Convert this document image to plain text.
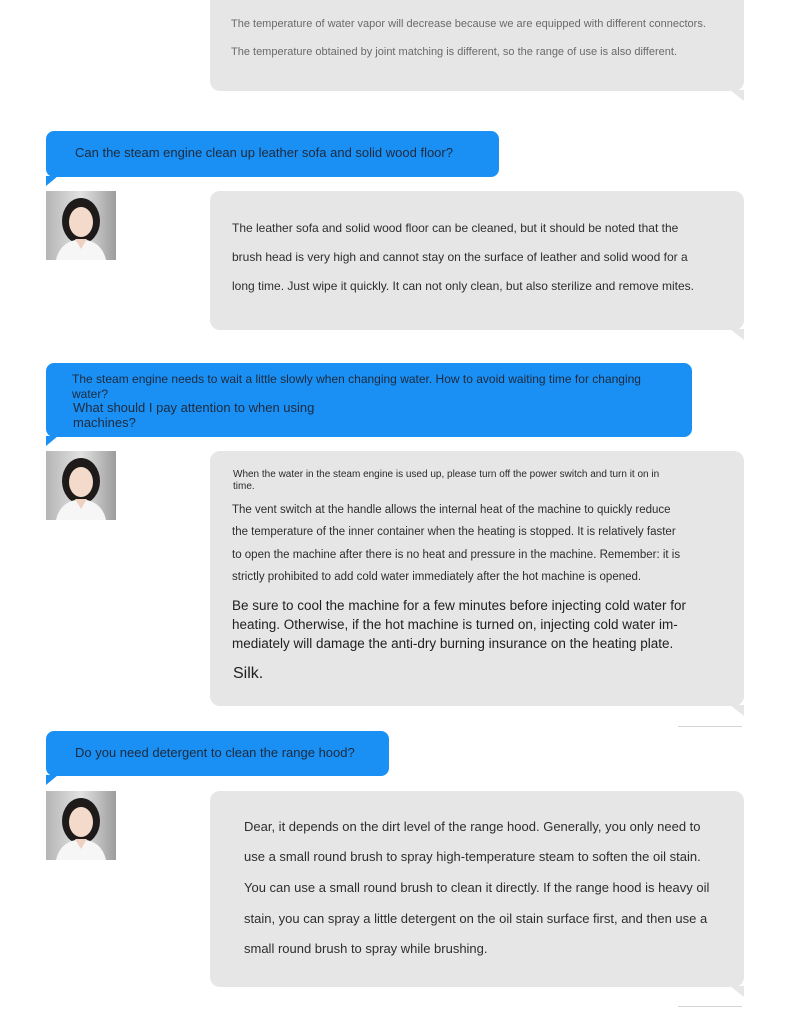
The temperature of water vapor will decrease because we are equipped with different connectors.
The temperature obtained by joint matching is different, so the range of use is also different.
Can the steam engine clean up leather sofa and solid wood floor?
The leather sofa and solid wood floor can be cleaned, but it should be noted that the
brush head is very high and cannot stay on the surface of leather and solid wood for a
long time. Just wipe it quickly. It can not only clean, but also sterilize and remove mites.
The steam engine needs to wait a little slowly when changing water. How to avoid waiting time for changing
water?
What should I pay attention to when using
machines?
When the water in the steam engine is used up, please turn off the power switch and turn it on in
time.
The vent switch at the handle allows the internal heat of the machine to quickly reduce
the temperature of the inner container when the heating is stopped. It is relatively faster
to open the machine after there is no heat and pressure in the machine. Remember: it is
strictly prohibited to add cold water immediately after the hot machine is opened.
Be sure to cool the machine for a few minutes before injecting cold water for
heating. Otherwise, if the hot machine is turned on, injecting cold water im-
mediately will damage the anti-dry burning insurance on the heating plate.
Silk.
Do you need detergent to clean the range hood?
Dear, it depends on the dirt level of the range hood. Generally, you only need to
use a small round brush to spray high-temperature steam to soften the oil stain.
You can use a small round brush to clean it directly. If the range hood is heavy oil
stain, you can spray a little detergent on the oil stain surface first, and then use a
small round brush to spray while brushing.
